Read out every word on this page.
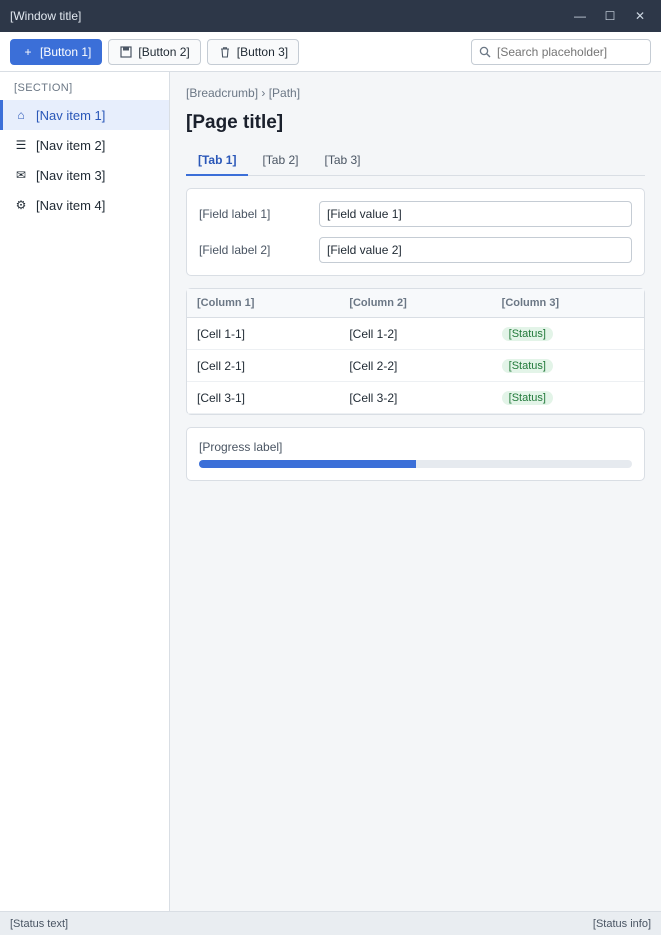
[Window title]	—	☐	✕
+ [Button 1]	[Button 2]	[Button 3]
[Search placeholder]
[SECTION]
⌂ [Nav item 1]
☰ [Nav item 2]
✉ [Nav item 3]
⚙ [Nav item 4]
[Breadcrumb] › [Path]
[Page title]
[Tab 1]	[Tab 2]	[Tab 3]
[Field label 1]
[Field value 1]
[Field label 2]
[Field value 2]
[Column 1]	[Column 2]	[Column 3]
[Cell 1-1]	[Cell 1-2]	[Status]
[Cell 2-1]	[Cell 2-2]	[Status]
[Cell 3-1]	[Cell 3-2]	[Status]
[Progress label]
[Status text]	[Status info]
